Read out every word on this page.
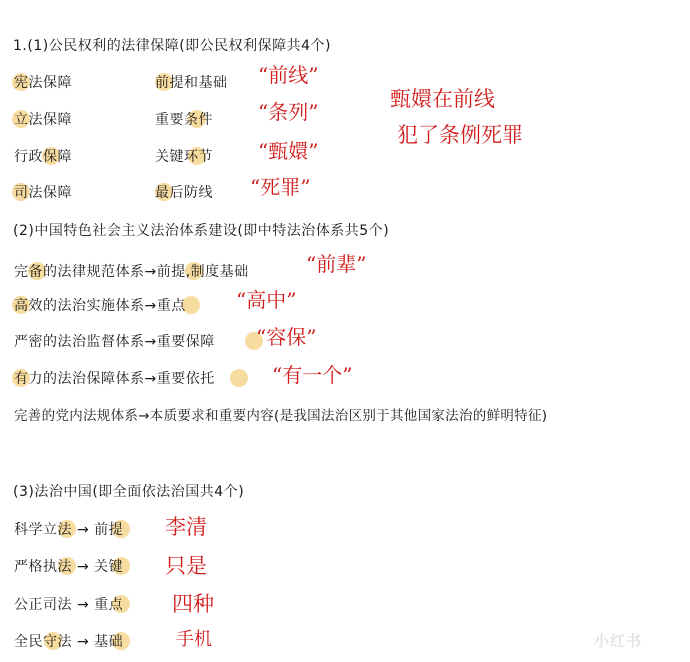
1.(1)公民权利的法律保障(即公民权利保障共4个)
宪法保障	前提和基础 “前线”
立法保障	重要条件 “条列”
行政保障	关键环节 “甄嬛”
司法保障	最后防线 “死罪”
甄嬛在前线
犯了条例死罪
(2)中国特色社会主义法治体系建设(即中特法治体系共5个)
完备的法律规范体系→前提,制度基础	“前辈”
高效的法治实施体系→重点	“高中”
严密的法治监督体系→重要保障 “容保”
有力的法治保障体系→重要依托	“有一个”
完善的党内法规体系→本质要求和重要内容(是我国法治区别于其他国家法治的鲜明特征)
(3)法治中国(即全面依法治国共4个)
科学立法 → 前提 李清
严格执法 → 关键 只是
公正司法 → 重点 四种
全民守法 → 基础	手机	小红书
